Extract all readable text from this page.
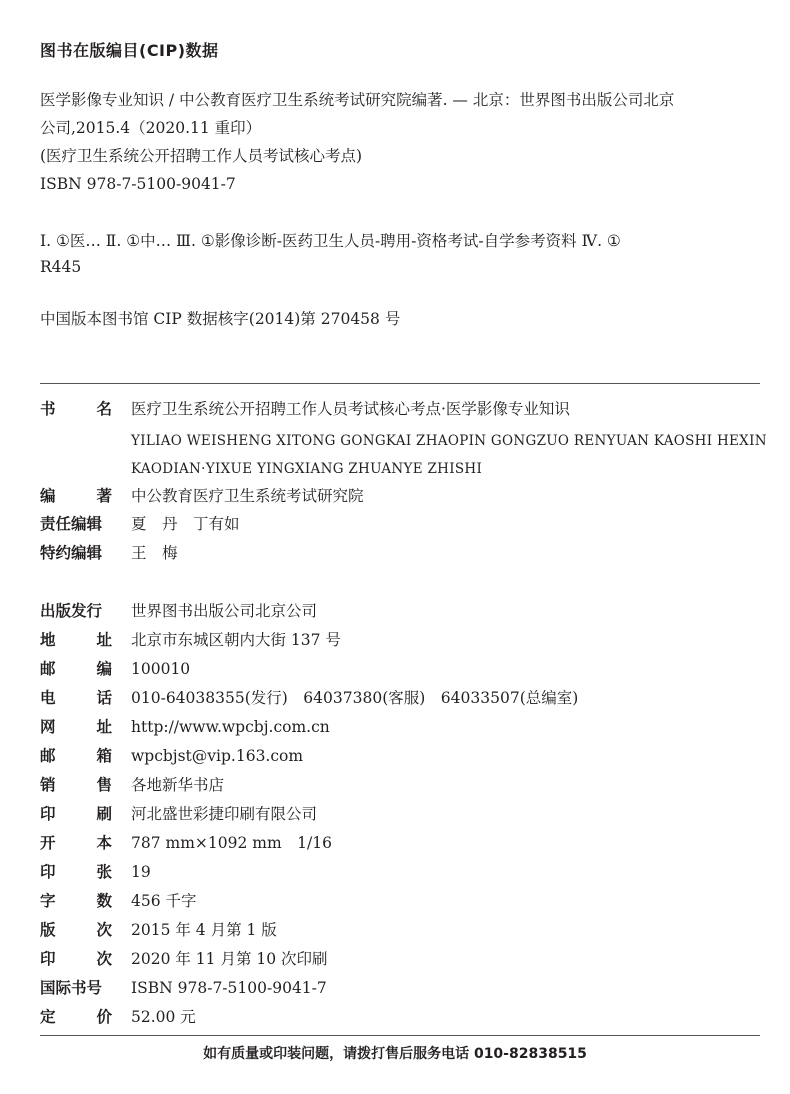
图书在版编目(CIP)数据
医学影像专业知识 / 中公教育医疗卫生系统考试研究院编著. — 北京：世界图书出版公司北京
公司,2015.4（2020.11 重印）
(医疗卫生系统公开招聘工作人员考试核心考点)
ISBN 978-7-5100-9041-7
Ⅰ. ①医… Ⅱ. ①中… Ⅲ. ①影像诊断-医药卫生人员-聘用-资格考试-自学参考资料 Ⅳ. ①
R445
中国版本图书馆 CIP 数据核字(2014)第 270458 号
书	名 医疗卫生系统公开招聘工作人员考试核心考点·医学影像专业知识
YILIAO WEISHENG XITONG GONGKAI ZHAOPIN GONGZUO RENYUAN KAOSHI HEXIN
KAODIAN·YIXUE YINGXIANG ZHUANYE ZHISHI
编	著 中公教育医疗卫生系统考试研究院
责任编辑	夏　丹　丁有如
特约编辑	王　梅
出版发行	世界图书出版公司北京公司
地	址 北京市东城区朝内大街 137 号
邮	编 100010
电	话 010-64038355(发行)　64037380(客服)　64033507(总编室)
网	址 http://www.wpcbj.com.cn
邮	箱 wpcbjst@vip.163.com
销	售 各地新华书店
印	刷 河北盛世彩捷印刷有限公司
开	本 787 mm×1092 mm　1/16
印	张 19
字	数 456 千字
版	次 2015 年 4 月第 1 版
印	次 2020 年 11 月第 10 次印刷
国际书号	ISBN 978-7-5100-9041-7
定	价 52.00 元
如有质量或印装问题，请拨打售后服务电话 010-82838515
